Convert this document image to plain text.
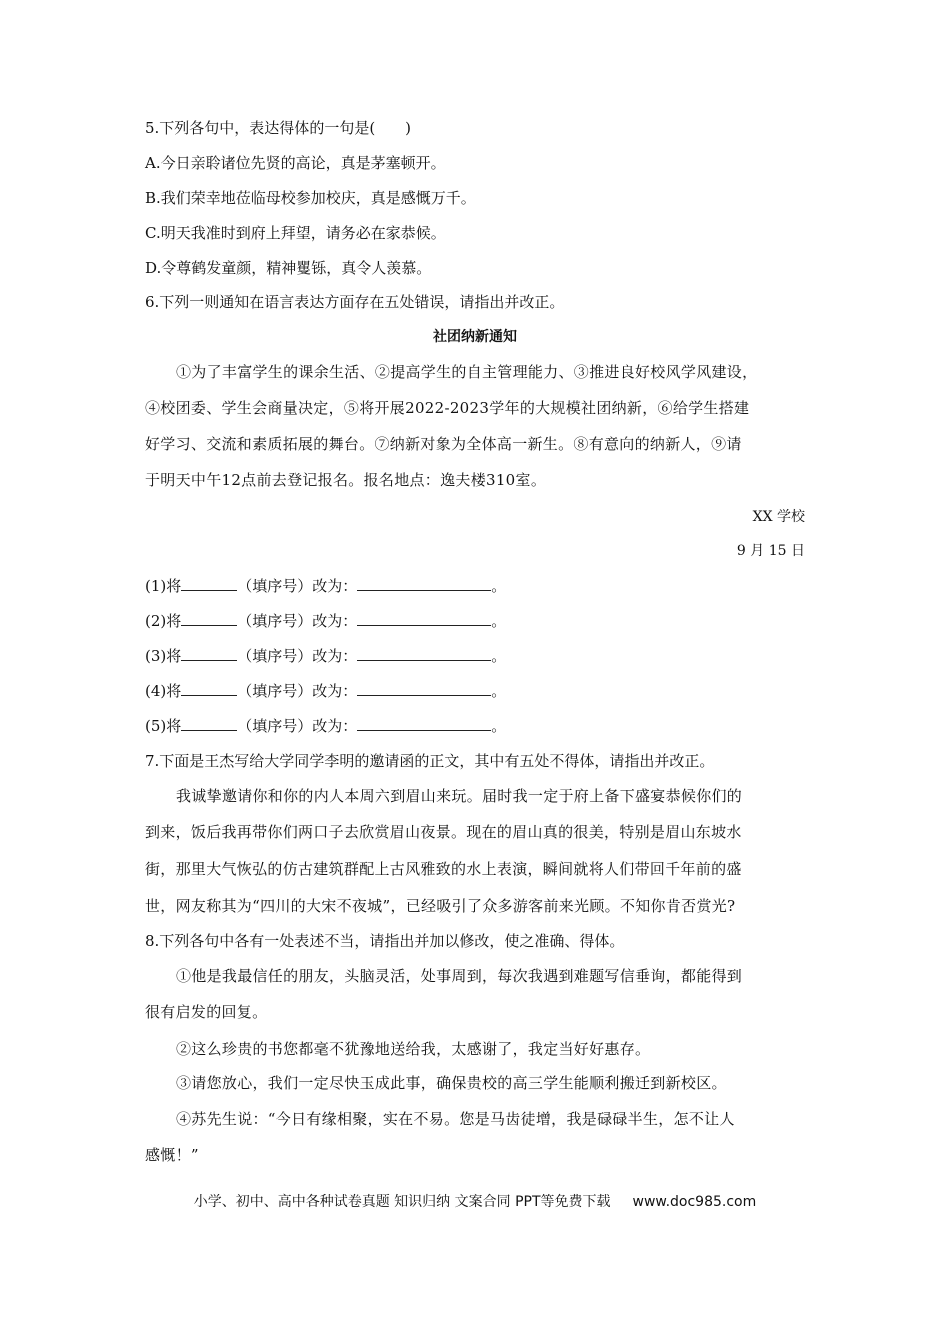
5.下列各句中，表达得体的一句是(　　)
A.今日亲聆诸位先贤的高论，真是茅塞顿开。
B.我们荣幸地莅临母校参加校庆，真是感慨万千。
C.明天我准时到府上拜望，请务必在家恭候。
D.令尊鹤发童颜，精神矍铄，真令人羡慕。
6.下列一则通知在语言表达方面存在五处错误，请指出并改正。
社团纳新通知
①为了丰富学生的课余生活、②提高学生的自主管理能力、③推进良好校风学风建设，
④校团委、学生会商量决定，⑤将开展2022-2023学年的大规模社团纳新，⑥给学生搭建
好学习、交流和素质拓展的舞台。⑦纳新对象为全体高一新生。⑧有意向的纳新人，⑨请
于明天中午12点前去登记报名。报名地点：逸夫楼310室。
XX 学校
9 月 15 日
(1)将	（填序号）改为：	。
(2)将	（填序号）改为：	。
(3)将	（填序号）改为：	。
(4)将	（填序号）改为：	。
(5)将	（填序号）改为：	。
7.下面是王杰写给大学同学李明的邀请函的正文，其中有五处不得体，请指出并改正。
我诚挚邀请你和你的内人本周六到眉山来玩。届时我一定于府上备下盛宴恭候你们的
到来，饭后我再带你们两口子去欣赏眉山夜景。现在的眉山真的很美，特别是眉山东坡水
街，那里大气恢弘的仿古建筑群配上古风雅致的水上表演，瞬间就将人们带回千年前的盛
世，网友称其为“四川的大宋不夜城”，已经吸引了众多游客前来光顾。不知你肯否赏光?
8.下列各句中各有一处表述不当，请指出并加以修改，使之准确、得体。
①他是我最信任的朋友，头脑灵活，处事周到，每次我遇到难题写信垂询，都能得到
很有启发的回复。
②这么珍贵的书您都毫不犹豫地送给我，太感谢了，我定当好好惠存。
③请您放心，我们一定尽快玉成此事，确保贵校的高三学生能顺利搬迁到新校区。
④苏先生说：“今日有缘相聚，实在不易。您是马齿徒增，我是碌碌半生，怎不让人
感慨！”
小学、初中、高中各种试卷真题 知识归纳 文案合同 PPT等免费下载 www.doc985.com
